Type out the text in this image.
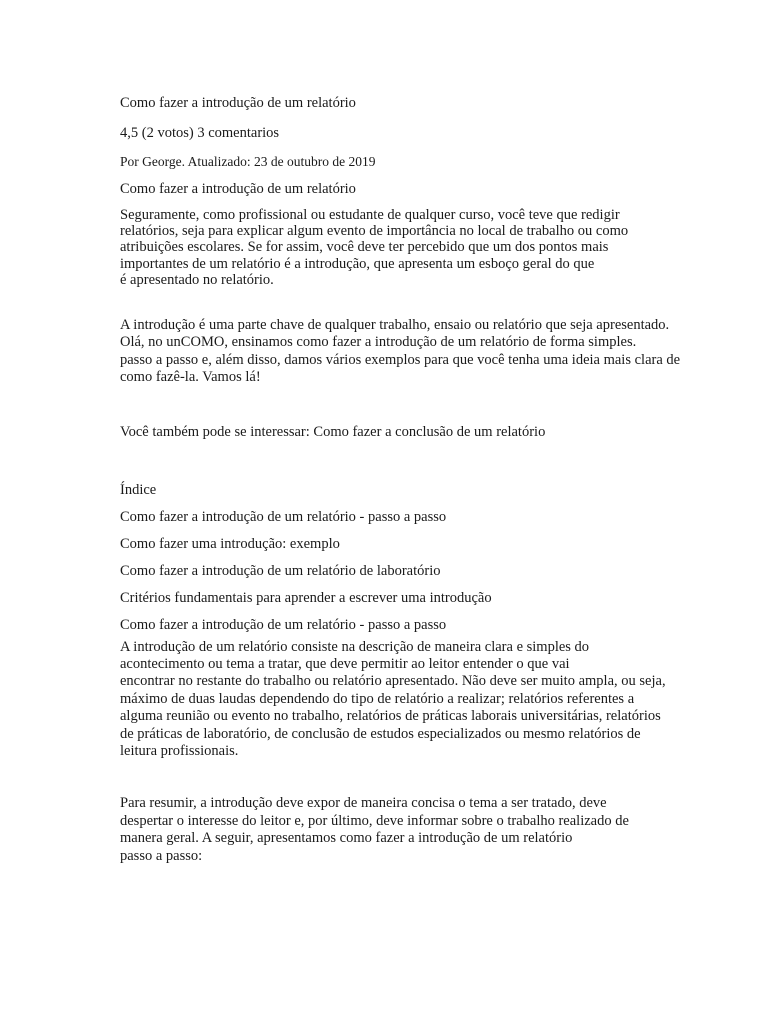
Como fazer a introdução de um relatório

4,5 (2 votos) 3 comentarios

Por George. Atualizado: 23 de outubro de 2019

Como fazer a introdução de um relatório

Seguramente, como profissional ou estudante de qualquer curso, você teve que redigir

relatórios, seja para explicar algum evento de importância no local de trabalho ou como

atribuições escolares. Se for assim, você deve ter percebido que um dos pontos mais

importantes de um relatório é a introdução, que apresenta um esboço geral do que

é apresentado no relatório.

A introdução é uma parte chave de qualquer trabalho, ensaio ou relatório que seja apresentado.

Olá, no unCOMO, ensinamos como fazer a introdução de um relatório de forma simples.

passo a passo e, além disso, damos vários exemplos para que você tenha uma ideia mais clara de

como fazê-la. Vamos lá!

Você também pode se interessar: Como fazer a conclusão de um relatório

Índice

Como fazer a introdução de um relatório - passo a passo

Como fazer uma introdução: exemplo

Como fazer a introdução de um relatório de laboratório

Critérios fundamentais para aprender a escrever uma introdução

Como fazer a introdução de um relatório - passo a passo

A introdução de um relatório consiste na descrição de maneira clara e simples do

acontecimento ou tema a tratar, que deve permitir ao leitor entender o que vai

encontrar no restante do trabalho ou relatório apresentado. Não deve ser muito ampla, ou seja,

máximo de duas laudas dependendo do tipo de relatório a realizar; relatórios referentes a

alguma reunião ou evento no trabalho, relatórios de práticas laborais universitárias, relatórios

de práticas de laboratório, de conclusão de estudos especializados ou mesmo relatórios de

leitura profissionais.

Para resumir, a introdução deve expor de maneira concisa o tema a ser tratado, deve

despertar o interesse do leitor e, por último, deve informar sobre o trabalho realizado de

manera geral. A seguir, apresentamos como fazer a introdução de um relatório

passo a passo:
